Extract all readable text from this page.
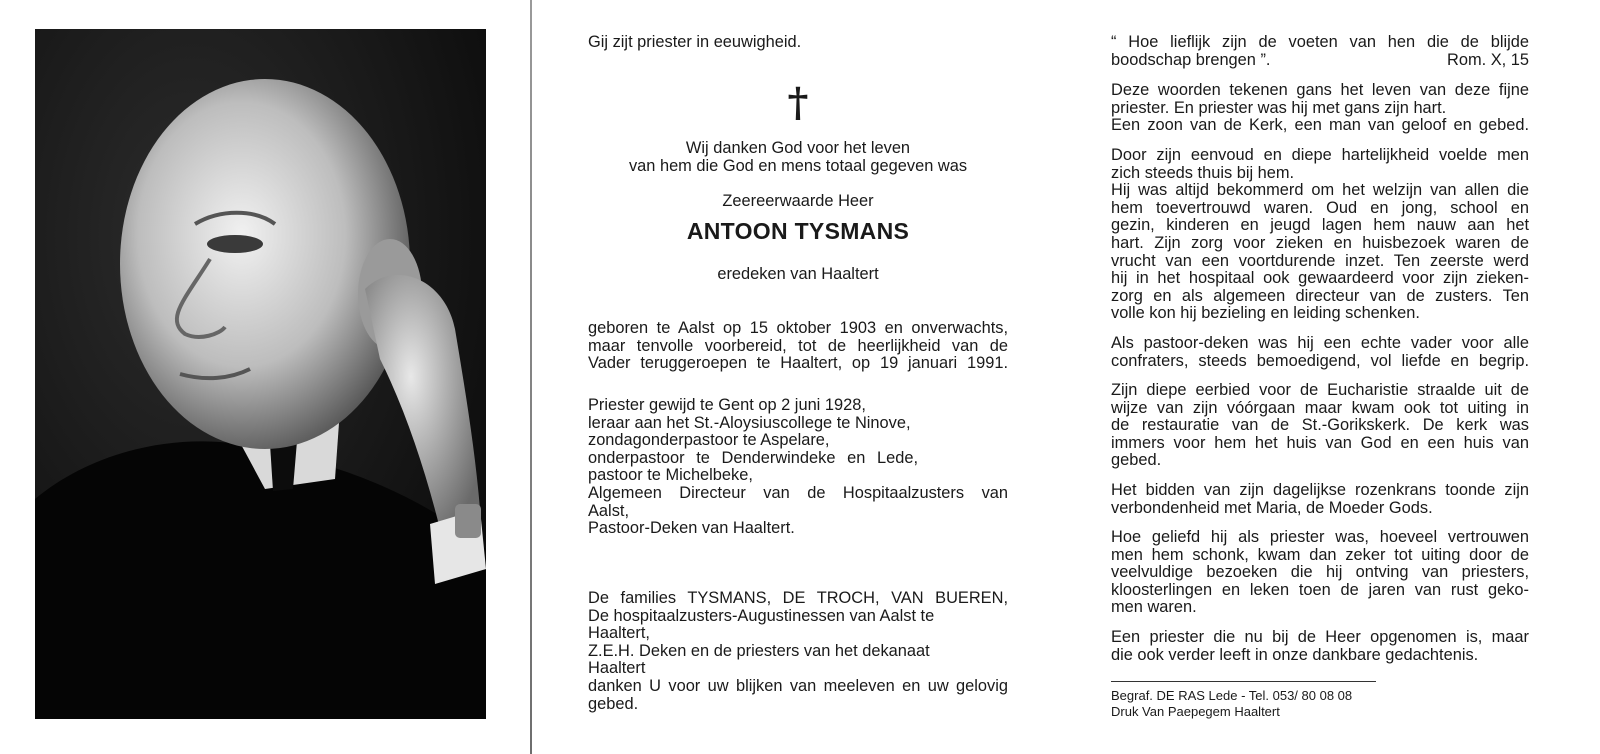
Gij zijt priester in eeuwigheid.
†
Wij danken God voor het leven
van hem die God en mens totaal gegeven was
Zeereerwaarde Heer
ANTOON TYSMANS
eredeken van Haaltert
geboren te Aalst op 15 oktober 1903 en onverwachts,
maar tenvolle voorbereid, tot de heerlijkheid van de
Vader teruggeroepen te Haaltert, op 19 januari 1991.
Priester gewijd te Gent op 2 juni 1928,
leraar aan het St.-Aloysiuscollege te Ninove,
zondagonderpastoor te Aspelare,
onderpastoor te Denderwindeke en Lede,
pastoor te Michelbeke,
Algemeen Directeur van de Hospitaalzusters van
Aalst,
Pastoor-Deken van Haaltert.
De families TYSMANS, DE TROCH, VAN BUEREN,
De hospitaalzusters-Augustinessen van Aalst te
Haaltert,
Z.E.H. Deken en de priesters van het dekanaat
Haaltert
danken U voor uw blijken van meeleven en uw gelovig
gebed.
“ Hoe lieflijk zijn de voeten van hen die de blijde
boodschap brengen ”.	Rom. X, 15
Deze woorden tekenen gans het leven van deze fijne
priester. En priester was hij met gans zijn hart.
Een zoon van de Kerk, een man van geloof en gebed.
Door zijn eenvoud en diepe hartelijkheid voelde men
zich steeds thuis bij hem.
Hij was altijd bekommerd om het welzijn van allen die
hem toevertrouwd waren. Oud en jong, school en
gezin, kinderen en jeugd lagen hem nauw aan het
hart. Zijn zorg voor zieken en huisbezoek waren de
vrucht van een voortdurende inzet. Ten zeerste werd
hij in het hospitaal ook gewaardeerd voor zijn zieken-
zorg en als algemeen directeur van de zusters. Ten
volle kon hij bezieling en leiding schenken.
Als pastoor-deken was hij een echte vader voor alle
confraters, steeds bemoedigend, vol liefde en begrip.
Zijn diepe eerbied voor de Eucharistie straalde uit de
wijze van zijn vóórgaan maar kwam ook tot uiting in
de restauratie van de St.-Gorikskerk. De kerk was
immers voor hem het huis van God en een huis van
gebed.
Het bidden van zijn dagelijkse rozenkrans toonde zijn
verbondenheid met Maria, de Moeder Gods.
Hoe geliefd hij als priester was, hoeveel vertrouwen
men hem schonk, kwam dan zeker tot uiting door de
veelvuldige bezoeken die hij ontving van priesters,
kloosterlingen en leken toen de jaren van rust geko-
men waren.
Een priester die nu bij de Heer opgenomen is, maar
die ook verder leeft in onze dankbare gedachtenis.
Begraf. DE RAS Lede - Tel. 053/ 80 08 08
Druk Van Paepegem Haaltert
